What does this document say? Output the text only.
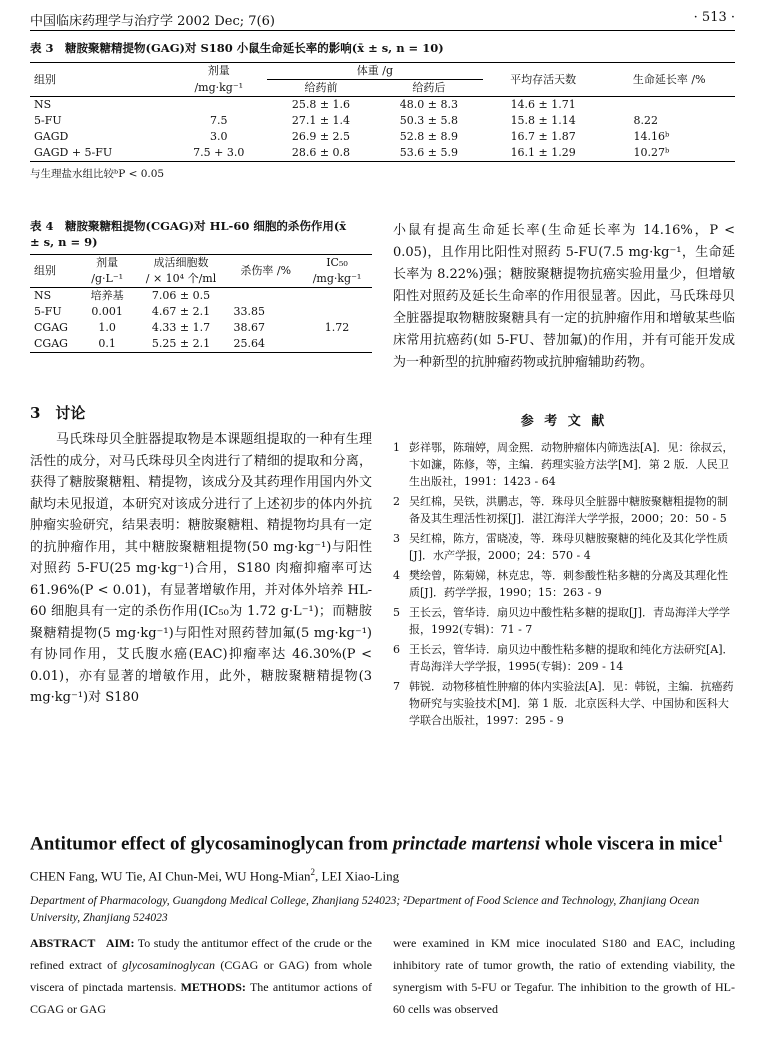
中国临床药理学与治疗学 2002 Dec; 7(6)	· 513 ·
表 3　糖胺聚糖精提物(GAG)对 S180 小鼠生命延长率的影响(x̄ ± s, n = 10)
组别	剂量	体重 /g		平均存活天数	生命延长率 /%
	/mg·kg⁻¹	给药前	给药后		
NS		25.8 ± 1.6	48.0 ± 8.3	14.6 ± 1.71	
5-FU	7.5	27.1 ± 1.4	50.3 ± 5.8	15.8 ± 1.14	8.22
GAGD	3.0	26.9 ± 2.5	52.8 ± 8.9	16.7 ± 1.87	14.16ᵇ
GAGD + 5-FU	7.5 + 3.0	28.6 ± 0.8	53.6 ± 5.9	16.1 ± 1.29	10.27ᵇ
与生理盐水组比较ᵇP < 0.05
表 4　糖胺聚糖粗提物(CGAG)对 HL-60 细胞的杀伤作用(x̄
± s, n = 9)
组别	剂量	成活细胞数	杀伤率 /%	IC₅₀
	/g·L⁻¹	/ × 10⁴ 个/ml		/mg·kg⁻¹
NS	培养基	7.06 ± 0.5		
5-FU	0.001	4.67 ± 2.1	33.85	
CGAG	1.0	4.33 ± 1.7	38.67	1.72
CGAG	0.1	5.25 ± 2.1	25.64	
小鼠有提高生命延长率(生命延长率为 14.16%，P < 0.05)，且作用比阳性对照药 5-FU(7.5 mg·kg⁻¹，生命延长率为 8.22%)强；糖胺聚糖提物抗癌实验用量少，但增敏阳性对照药及延长生命率的作用很显著。因此，马氏珠母贝全脏器提取物糖胺聚糖具有一定的抗肿瘤作用和增敏某些临床常用抗癌药(如 5-FU、替加氟)的作用，并有可能开发成为一种新型的抗肿瘤药物或抗肿瘤辅助药物。
3　讨论
马氏珠母贝全脏器提取物是本课题组提取的一种有生理活性的成分，对马氏珠母贝全肉进行了精细的提取和分离，获得了糖胺聚糖粗、精提物，该成分及其药理作用国内外文献均未见报道，本研究对该成分进行了上述初步的体内外抗肿瘤实验研究，结果表明：糖胺聚糖粗、精提物均具有一定的抗肿瘤作用，其中糖胺聚糖粗提物(50 mg·kg⁻¹)与阳性对照药 5-FU(25 mg·kg⁻¹)合用，S180 肉瘤抑瘤率可达 61.96%(P < 0.01)，有显著增敏作用，并对体外培养 HL-60 细胞具有一定的杀伤作用(IC₅₀为 1.72 g·L⁻¹)；而糖胺聚糖精提物(5 mg·kg⁻¹)与阳性对照药替加氟(5 mg·kg⁻¹)有协同作用，艾氏腹水癌(EAC)抑瘤率达 46.30%(P < 0.01)，亦有显著的增敏作用，此外，糖胺聚糖精提物(3 mg·kg⁻¹)对 S180
参 考 文 献
1 彭祥鄂，陈瑞婷，周金煕．动物肿瘤体内筛选法[A]．见：徐叔云，卞如濂，陈修，等，主编．药理实验方法学[M]．第 2 版．人民卫生出版社，1991：1423 - 64
2 吴红棉，吴铁，洪鹏志，等．珠母贝全脏器中糖胺聚糖粗提物的制备及其生理活性初探[J]．湛江海洋大学学报，2000；20：50 - 5
3 吴红棉，陈方，雷晓凌，等．珠母贝糖胺聚糖的纯化及其化学性质[J]．水产学报，2000；24：570 - 4
4 樊绘曾，陈菊娣，林克忠，等．刺参酸性粘多糖的分离及其理化性质[J]．药学学报，1990；15：263 - 9
5 王长云，管华诗．扇贝边中酸性粘多糖的提取[J]．青岛海洋大学学报，1992(专辑)：71 - 7
6 王长云，管华诗．扇贝边中酸性粘多糖的提取和纯化方法研究[A]．青岛海洋大学学报，1995(专辑)：209 - 14
7 韩锐．动物移植性肿瘤的体内实验法[A]．见：韩锐，主编．抗癌药物研究与实验技术[M]．第 1 版．北京医科大学、中国协和医科大学联合出版社，1997：295 - 9
Antitumor effect of glycosaminoglycan from princtade martensi whole viscera in mice$^1$
CHEN Fang, WU Tie, AI Chun-Mei, WU Hong-Mian$^2$, LEI Xiao-Ling
Department of Pharmacology, Guangdong Medical College, Zhanjiang 524023; ²Department of Food Science and Technology, Zhanjiang Ocean University, Zhanjiang 524023
ABSTRACT AIM: To study the antitumor effect of the crude or the refined extract of glycosaminoglycan (CGAG or GAG) from whole viscera of pinctada martensis. METHODS: The antitumor actions of CGAG or GAG
were examined in KM mice inoculated S180 and EAC, including inhibitory rate of tumor growth, the ratio of extending viability, the synergism with 5-FU or Tegafur. The inhibition to the growth of HL-60 cells was observed
